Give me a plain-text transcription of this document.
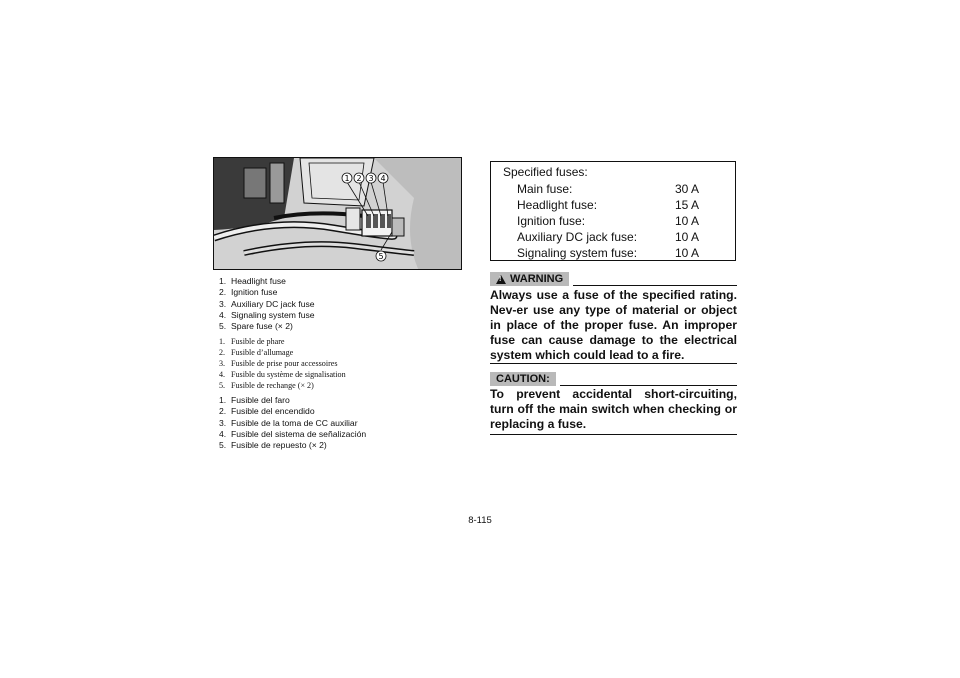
1 2 3 4
5
1. Headlight fuse
2. Ignition fuse
3. Auxiliary DC jack fuse
4. Signaling system fuse
5. Spare fuse (× 2)
1. Fusible de phare
2. Fusible d’allumage
3. Fusible de prise pour accessoires
4. Fusible du système de signalisation
5. Fusible de rechange (× 2)
1. Fusible del faro
2. Fusible del encendido
3. Fusible de la toma de CC auxiliar
4. Fusible del sistema de señalización
5. Fusible de repuesto (× 2)
Specified fuses:
Main fuse:	30 A
Headlight fuse:	15 A
Ignition fuse:	10 A
Auxiliary DC jack fuse:	10 A
Signaling system fuse:	10 A
!
WARNING
Always use a fuse of the specified rating. Nev-er use any type of material or object in place of the proper fuse. An improper fuse can cause damage to the electrical system which could lead to a fire.
CAUTION:
To prevent accidental short-circuiting, turn off the main switch when checking or replacing a fuse.
8-115
